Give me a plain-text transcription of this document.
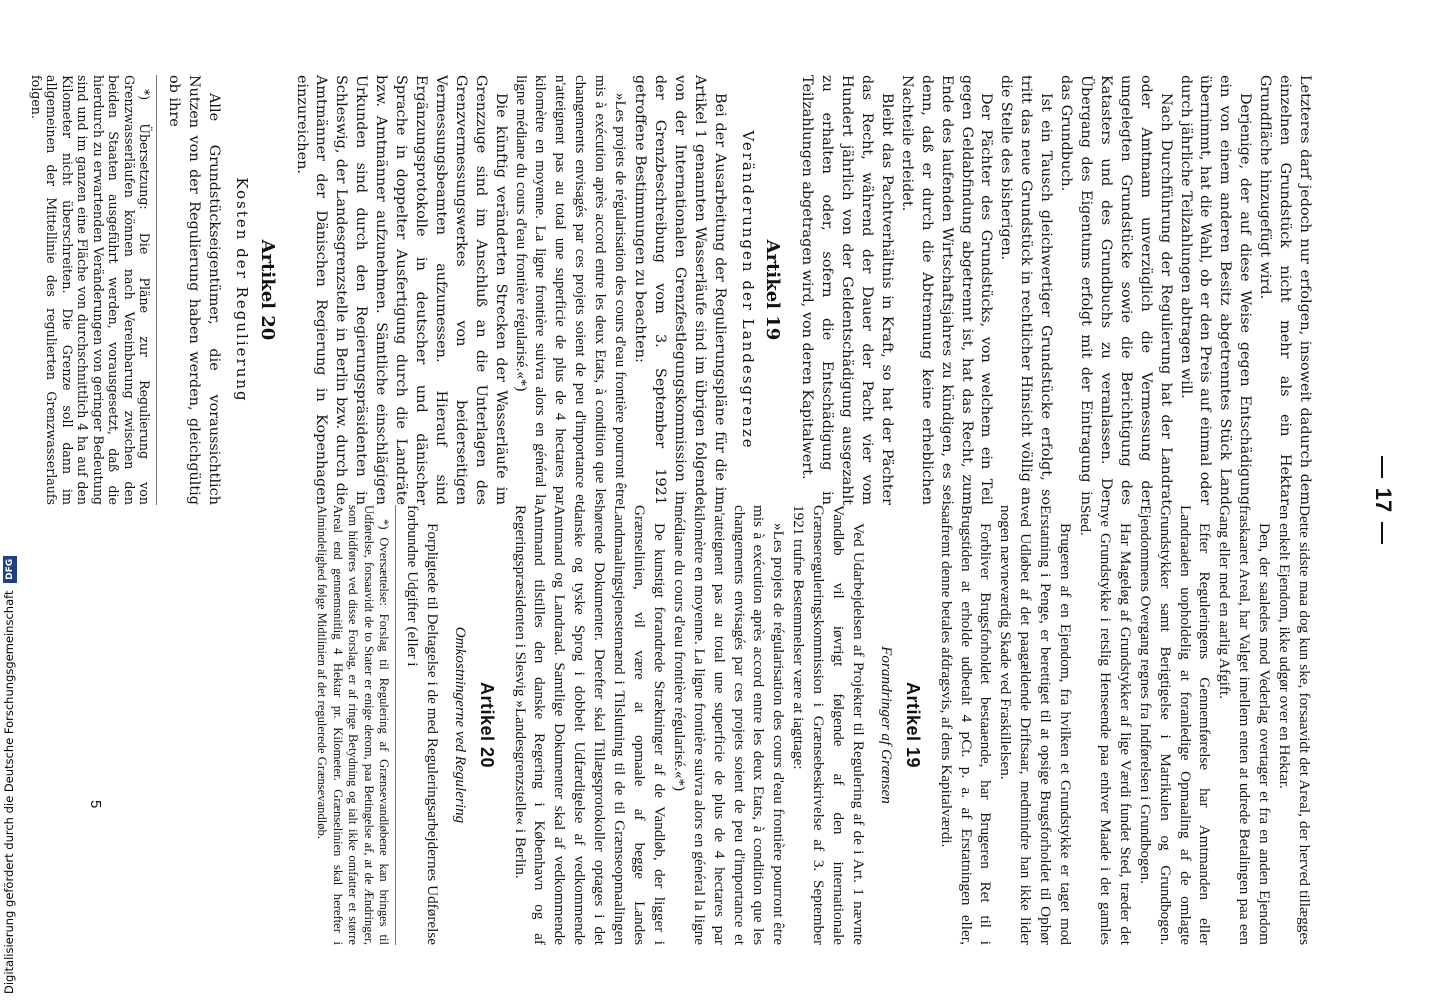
17

Letzteres darf jedoch nur erfolgen, insoweit dadurch dem einzelnen Grundstück nicht mehr als ein Hektar Grundfläche hinzugefügt wird.

Derjenige, der auf diese Weise gegen Entschädigung ein von einem anderen Besitz abgetrenntes Stück Land übernimmt, hat die Wahl, ob er den Preis auf einmal oder durch jährliche Teilzahlungen abtragen will.

Nach Durchführung der Regulierung hat der Landrat oder Amtmann unverzüglich die Vermessung der umgelegten Grundstücke sowie die Berichtigung des Katasters und des Grundbuchs zu veranlassen. Der Übergang des Eigentums erfolgt mit der Eintragung in das Grundbuch.

Ist ein Tausch gleichwertiger Grundstücke erfolgt, so tritt das neue Grundstück in rechtlicher Hinsicht völlig an die Stelle des bisherigen.

Der Pächter des Grundstücks, von welchem ein Teil gegen Geldabfindung abgetrennt ist, hat das Recht, zum Ende des laufenden Wirtschaftsjahres zu kündigen, es sei denn, daß er durch die Abtrennung keine erheblichen Nachteile erleidet.

Bleibt das Pachtverhältnis in Kraft, so hat der Pächter das Recht, während der Dauer der Pacht vier vom Hundert jährlich von der Geldentschädigung ausgezahlt zu erhalten oder, sofern die Entschädigung in Teilzahlungen abgetragen wird, von deren Kapitalwert.

Artikel 19
Veränderungen der Landesgrenze

Bei der Ausarbeitung der Regulierungspläne für die im Artikel 1 genannten Wasserläufe sind im übrigen folgende von der Internationalen Grenzfestlegungskommission in der Grenzbeschreibung vom 3. September 1921 getroffene Bestimmungen zu beachten:

»Les projets de régularisation des cours d'eau frontière pourront être mis à exécution après accord entre les deux Etats, à condition que les changements envisagés par ces projets soient de peu d'importance et n'atteignent pas au total une superficie de plus de 4 hectares par kilomètre en moyenne. La ligne frontière suivra alors en général la ligne médiane du cours d'eau frontière régularisé.«*)

Die künftig veränderten Strecken der Wasserläufe im Grenzzuge sind im Anschluß an die Unterlagen des Grenzvermessungswerkes von beiderseitigen Vermessungsbeamten aufzumessen. Hierauf sind Ergänzungsprotokolle in deutscher und dänischer Sprache in doppelter Ausfertigung durch die Landräte bzw. Amtmänner aufzunehmen. Sämtliche einschlägigen Urkunden sind durch den Regierungspräsidenten in Schleswig, der Landesgrenzstelle in Berlin bzw. durch die Amtmänner der Dänischen Regierung in Kopenhagen einzureichen.

Artikel 20
Kosten der Regulierung

Alle Grundstückseigentümer, die voraussichtlich Nutzen von der Regulierung haben werden, gleichgültig ob ihre

*) Übersetzung: Die Pläne zur Regulierung von Grenzwasserläufen können nach Vereinbarung zwischen den beiden Staaten ausgeführt werden, vorausgesetzt, daß die hierdurch zu erwartenden Veränderungen von geringer Bedeutung sind und im ganzen eine Fläche von durchschnittlich 4 ha auf den Kilometer nicht überschreiten. Die Grenze soll dann im allgemeinen der Mittellinie des regulierten Grenzwasserlaufs folgen.

Dette sidste maa dog kun ske, forsaavidt det Areal, der herved tillægges en enkelt Ejendom, ikke udgør over en Hektar.

Den, der saaledes mod Vederlag overtager et fra en anden Ejendom fraskaaret Areal, har Valget imellem enten at udrede Betalingen paa een Gang eller med en aarlig Afgift.

Efter Reguleringens Gennemførelse har Amtmanden eller Landraaden uopholdelig at foranledige Opmaaling af de omlagte Grundstykker samt Berigtigelse i Matrikulen og Grundbogen. Ejendommens Overgang regnes fra Indførelsen i Grundbogen.

Har Mageløg af Grundstykker af lige Værdi fundet Sted, træder det nye Grundstykke i retslig Henseende paa enhver Maade i det gamles Sted.

Brugeren af en Ejendom, fra hvilken et Grundstykke er taget mod Erstatning i Penge, er berettiget til at opsige Brugsforholdet til Ophør ved Udløbet af det paagældende Driftsaar, medmindre han ikke lider nogen nævneværdig Skade ved Fraskillelsen.

Forbliver Brugsforholdet bestaaende, har Brugeren Ret til i Brugstiden at erholde udbetalt 4 pCt. p. a. af Erstatningen eller, saafremt denne betales afdragsvis, af dens Kapitalværdi.

Artikel 19
Forandringer af Grænsen

Ved Udarbejdelsen af Projekter til Regulering af de i Art. 1 nævnte Vandløb vil iøvrigt følgende af den internationale Grænsereguleringskommission i Grænsebeskrivelse af 3. September 1921 trufne Bestemmelser være at iagttage:

»Les projets de régularisation des cours d'eau frontière pourront être mis à exécution après accord entre les deux Etats, à condition que les changements envisagés par ces projets soient de peu d'importance et n'atteignent pas au total une superficie de plus de 4 hectares par kilomètre en moyenne. La ligne frontière suivra alors en général la ligne médiane du cours d'eau frontière régularisé.«*)

De kunstigt forandrede Strækninger af de Vandløb, der ligger i Grænselinien, vil være at opmaale af begge Landes Landmaalingstjenestemænd i Tilslutning til de til Grænseopmaalingen hørende Dokumenter. Derefter skal Tillægsprotokoller optages i det danske og tyske Sprog i dobbelt Udfærdigelse af vedkommende Amtmand og Landraad. Samtlige Dokumenter skal af vedkommende Amtmand tilstilles den danske Regering i København og af Regeringspræsidenten i Slesvig »Landesgrenzstelle« i Berlin.

Artikel 20
Omkostningerne ved Regulering

Forpligtede til Deltagelse i de med Reguleringsarbejdernes Udførelse forbundne Udgifter (eller i

*) Oversættelse: Forslag til Regulering af Grænsevandløbene kan bringes til Udførelse, forsaavidt de to Stater er enige derom, paa Betingelse af, at de Ændringer, som hidføres ved disse Forslag, er af ringe Betydning og ialt ikke omfatter et større Areal end gennemsnitlig 4 Hektar pr. Kilometer. Grænselinien skal herefter i Almindelighed følge Midtlinien af det regulerede Grænsevandløb.

5
Digitalisierung gefördert durch die Deutsche Forschungsgemeinschaft DFG
